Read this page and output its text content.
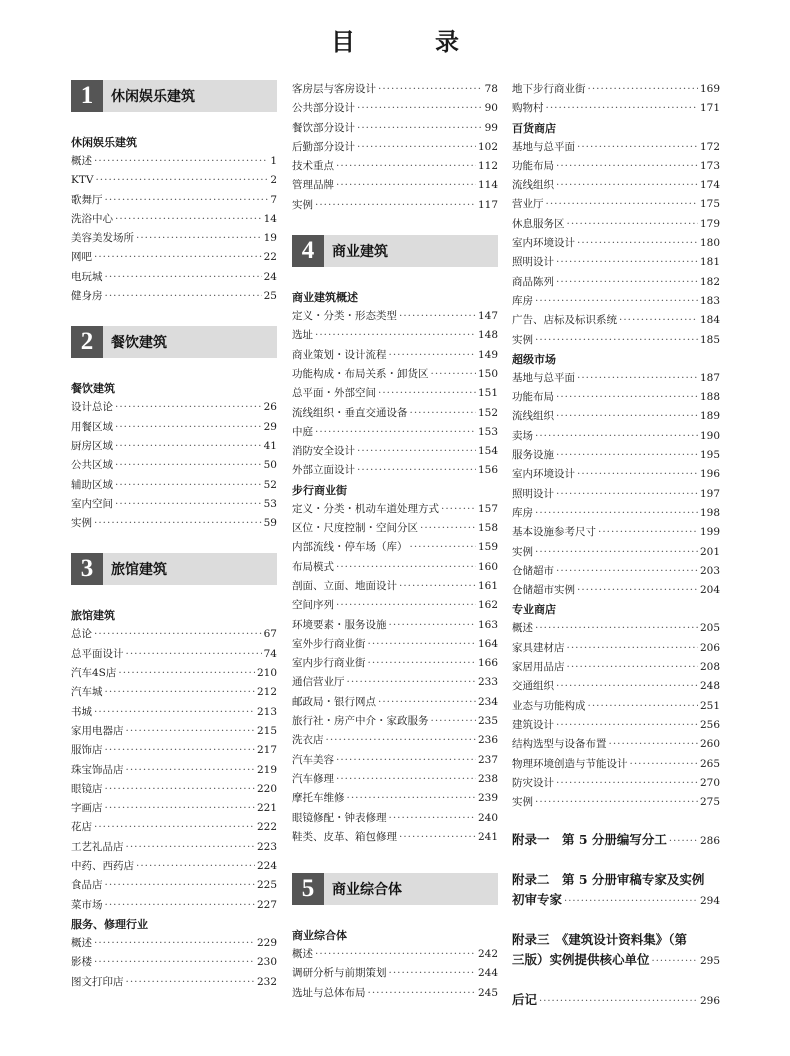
目　录
1	休闲娱乐建筑
休闲娱乐建筑
概述 ·····	1
KTV ·····	2
歌舞厅 ·····	7
洗浴中心 ·····	14
美容美发场所 ·····	19
网吧 ·····	22
电玩城 ·····	24
健身房 ·····	25
2	餐饮建筑
餐饮建筑
设计总论 ·····	26
用餐区域 ·····	29
厨房区域 ·····	41
公共区域 ·····	50
辅助区域 ·····	52
室内空间 ·····	53
实例 ·····	59
3	旅馆建筑
旅馆建筑
总论 ·····	67
总平面设计 ·····	74
汽车4S店 ·····	210
汽车城 ·····	212
书城 ·····	213
家用电器店 ·····	215
服饰店 ·····	217
珠宝饰品店 ·····	219
眼镜店 ·····	220
字画店 ·····	221
花店 ·····	222
工艺礼品店 ·····	223
中药、西药店 ·····	224
食品店 ·····	225
菜市场 ·····	227
服务、修理行业
概述 ·····	229
影楼 ·····	230
图文打印店 ·····	232
客房层与客房设计 ·····	78
公共部分设计 ·····	90
餐饮部分设计 ·····	99
后勤部分设计 ·····	102
技术重点 ·····	112
管理品牌 ·····	114
实例 ·····	117
4	商业建筑
商业建筑概述
定义・分类・形态类型 ·····	147
选址 ·····	148
商业策划・设计流程 ·····	149
功能构成・布局关系・卸货区 ·····	150
总平面・外部空间 ·····	151
流线组织・垂直交通设备 ·····	152
中庭 ·····	153
消防安全设计 ·····	154
外部立面设计 ·····	156
步行商业街
定义・分类・机动车道处理方式 ·····	157
区位・尺度控制・空间分区 ·····	158
内部流线・停车场（库） ·····	159
布局模式 ·····	160
剖面、立面、地面设计 ·····	161
空间序列 ·····	162
环境要素・服务设施 ·····	163
室外步行商业街 ·····	164
室内步行商业街 ·····	166
通信营业厅 ·····	233
邮政局・银行网点 ·····	234
旅行社・房产中介・家政服务 ·····	235
洗衣店 ·····	236
汽车美容 ·····	237
汽车修理 ·····	238
摩托车维修 ·····	239
眼镜修配・钟表修理 ·····	240
鞋类、皮革、箱包修理 ·····	241
5	商业综合体
商业综合体
概述 ·····	242
调研分析与前期策划 ·····	244
选址与总体布局 ·····	245
地下步行商业街 ·····	169
购物村 ·····	171
百货商店
基地与总平面 ·····	172
功能布局 ·····	173
流线组织 ·····	174
营业厅 ·····	175
休息服务区 ·····	179
室内环境设计 ·····	180
照明设计 ·····	181
商品陈列 ·····	182
库房 ·····	183
广告、店标及标识系统 ·····	184
实例 ·····	185
超级市场
基地与总平面 ·····	187
功能布局 ·····	188
流线组织 ·····	189
卖场 ·····	190
服务设施 ·····	195
室内环境设计 ·····	196
照明设计 ·····	197
库房 ·····	198
基本设施参考尺寸 ·····	199
实例 ·····	201
仓储超市 ·····	203
仓储超市实例 ·····	204
专业商店
概述 ·····	205
家具建材店 ·····	206
家居用品店 ·····	208
交通组织 ·····	248
业态与功能构成 ·····	251
建筑设计 ·····	256
结构选型与设备布置 ·····	260
物理环境创造与节能设计 ·····	265
防灾设计 ·····	270
实例 ·····	275
附录一　第 5 分册编写分工 ·····	286
附录二　第 5 分册审稿专家及实例
初审专家 ·····	294
附录三　《建筑设计资料集》（第
三版）实例提供核心单位 ·····	295
后记 ·····	296
